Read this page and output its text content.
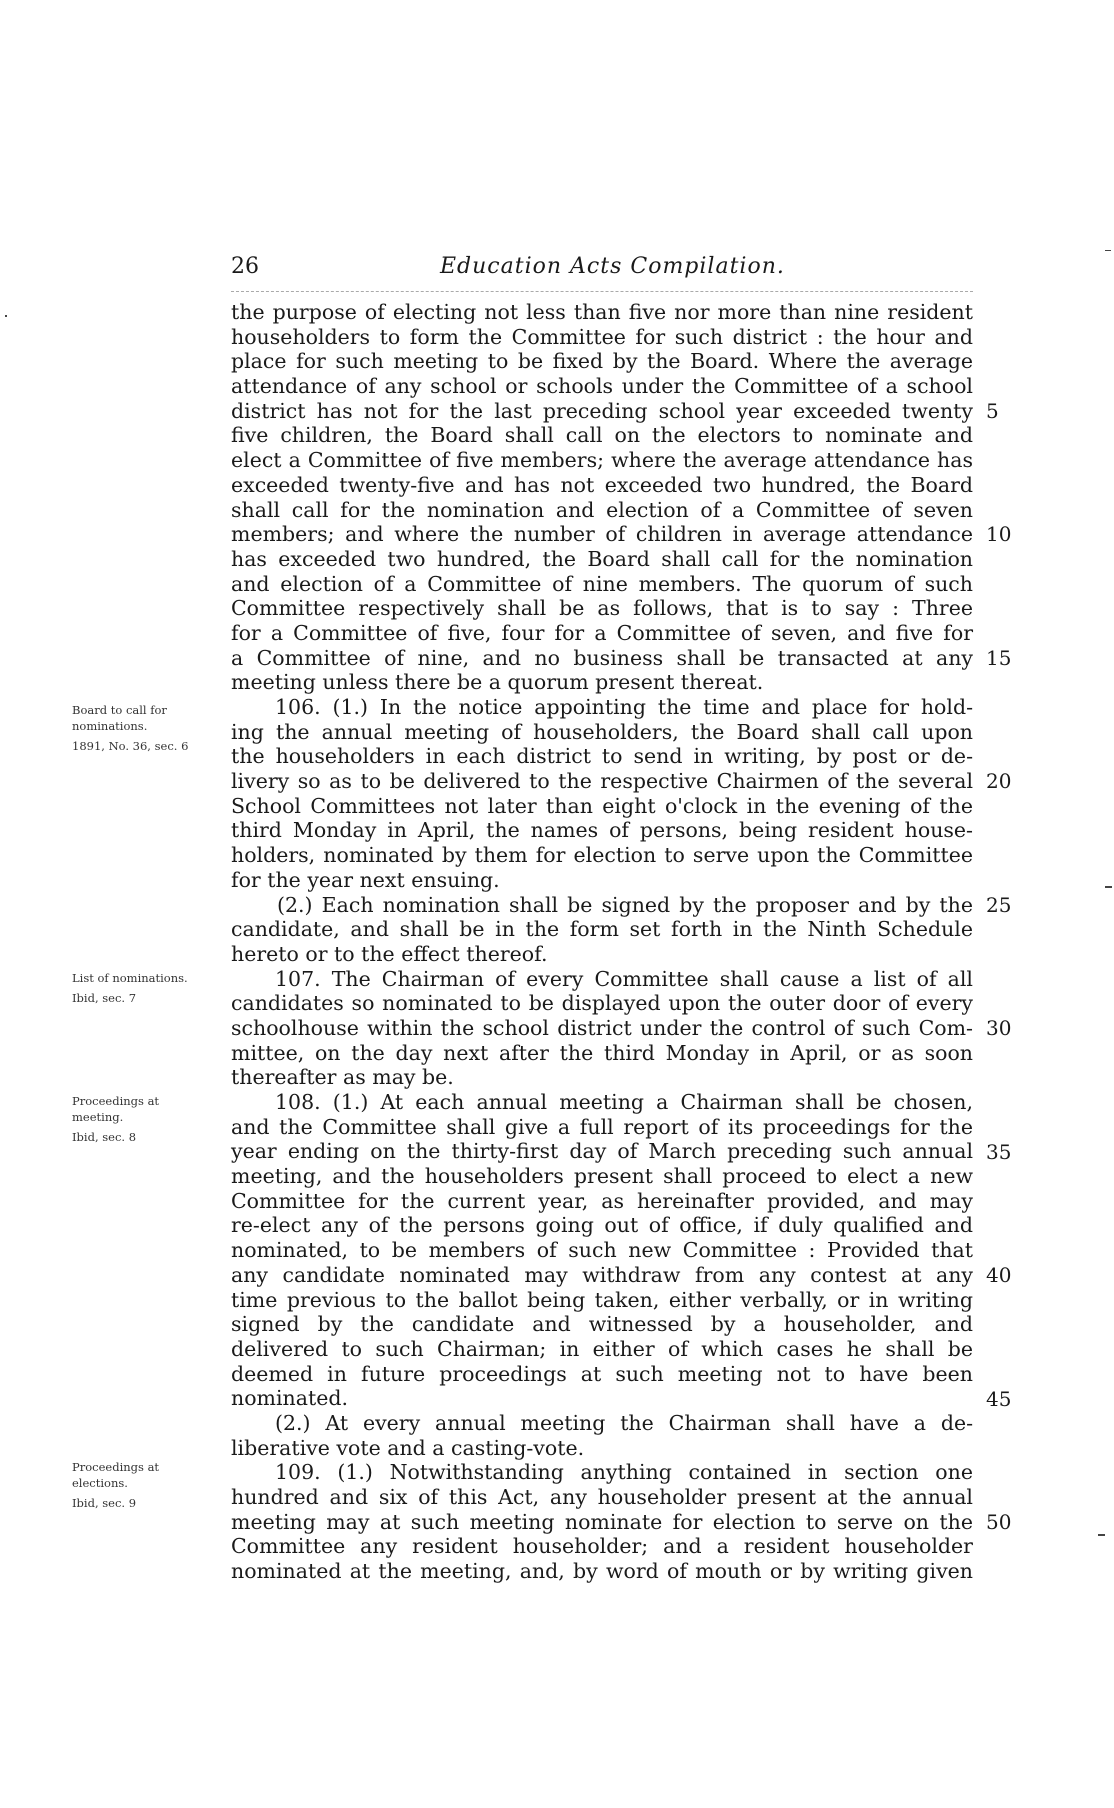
26	Education Acts Compilation.
the purpose of electing not less than five nor more than nine resident
householders to form the Committee for such district : the hour and
place for such meeting to be fixed by the Board. Where the average
attendance of any school or schools under the Committee of a school
district has not for the last preceding school year exceeded twenty
five children, the Board shall call on the electors to nominate and
elect a Committee of five members; where the average attendance has
exceeded twenty-five and has not exceeded two hundred, the Board
shall call for the nomination and election of a Committee of seven
members; and where the number of children in average attendance
has exceeded two hundred, the Board shall call for the nomination
and election of a Committee of nine members. The quorum of such
Committee respectively shall be as follows, that is to say : Three
for a Committee of five, four for a Committee of seven, and five for
a Committee of nine, and no business shall be transacted at any
meeting unless there be a quorum present thereat.
106. (1.) In the notice appointing the time and place for hold-
ing the annual meeting of householders, the Board shall call upon
the householders in each district to send in writing, by post or de-
livery so as to be delivered to the respective Chairmen of the several
School Committees not later than eight o'clock in the evening of the
third Monday in April, the names of persons, being resident house-
holders, nominated by them for election to serve upon the Committee
for the year next ensuing.
(2.) Each nomination shall be signed by the proposer and by the
candidate, and shall be in the form set forth in the Ninth Schedule
hereto or to the effect thereof.
107. The Chairman of every Committee shall cause a list of all
candidates so nominated to be displayed upon the outer door of every
schoolhouse within the school district under the control of such Com-
mittee, on the day next after the third Monday in April, or as soon
thereafter as may be.
108. (1.) At each annual meeting a Chairman shall be chosen,
and the Committee shall give a full report of its proceedings for the
year ending on the thirty-first day of March preceding such annual
meeting, and the householders present shall proceed to elect a new
Committee for the current year, as hereinafter provided, and may
re-elect any of the persons going out of office, if duly qualified and
nominated, to be members of such new Committee : Provided that
any candidate nominated may withdraw from any contest at any
time previous to the ballot being taken, either verbally, or in writing
signed by the candidate and witnessed by a householder, and
delivered to such Chairman; in either of which cases he shall be
deemed in future proceedings at such meeting not to have been
nominated.
(2.) At every annual meeting the Chairman shall have a de-
liberative vote and a casting-vote.
109. (1.) Notwithstanding anything contained in section one
hundred and six of this Act, any householder present at the annual
meeting may at such meeting nominate for election to serve on the
Committee any resident householder; and a resident householder
nominated at the meeting, and, by word of mouth or by writing given
5
10
15
20
25
30
35
40
45
50
Board to call for
nominations.
1891, No. 36, sec. 6
List of nominations.
Ibid, sec. 7
Proceedings at
meeting.
Ibid, sec. 8
Proceedings at
elections.
Ibid, sec. 9
